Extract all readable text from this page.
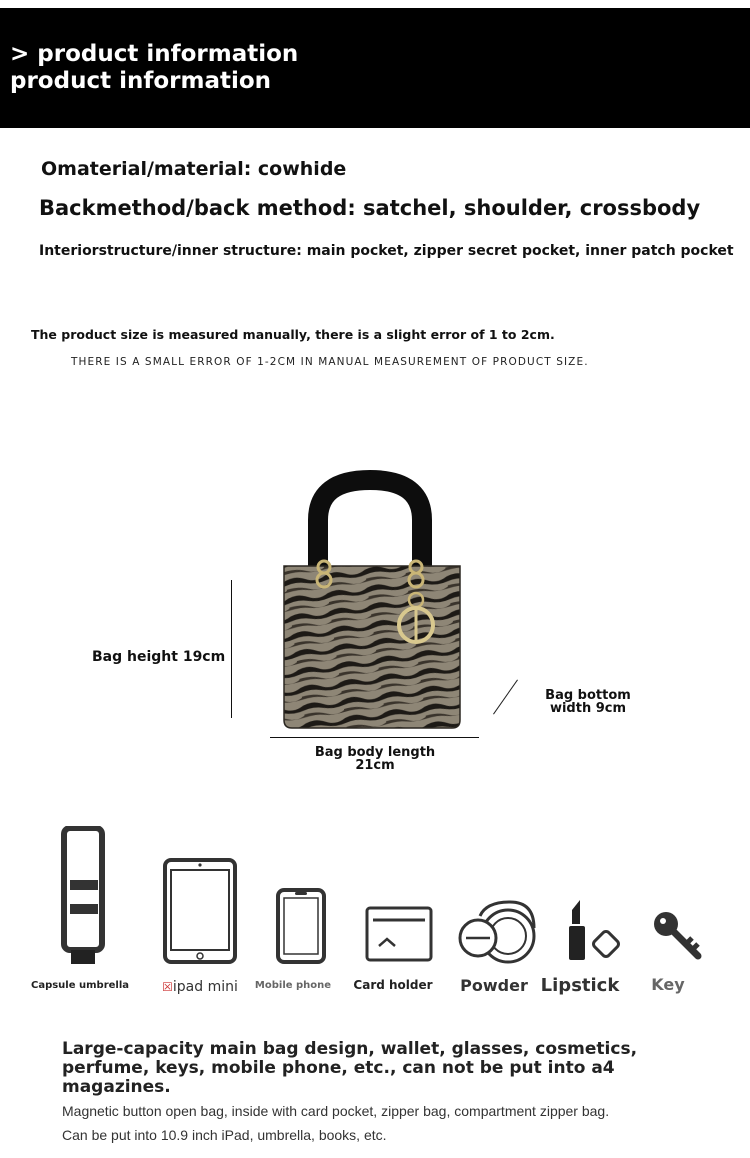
> product information
product information
Omaterial/material: cowhide
Backmethod/back method: satchel, shoulder, crossbody
Interiorstructure/inner structure: main pocket, zipper secret pocket, inner patch pocket
The product size is measured manually, there is a slight error of 1 to 2cm.
THERE IS A SMALL ERROR OF 1-2CM IN MANUAL MEASUREMENT OF PRODUCT SIZE.
Bag height 19cm
Bag body length
21cm
Bag bottom
width 9cm
Capsule umbrella	☒ipad mini	Mobile phone	Card holder	Powder Lipstick	Key
Large-capacity main bag design, wallet, glasses, cosmetics, perfume, keys, mobile phone, etc., can not be put into a4 magazines.
Magnetic button open bag, inside with card pocket, zipper bag, compartment zipper bag.
Can be put into 10.9 inch iPad, umbrella, books, etc.
